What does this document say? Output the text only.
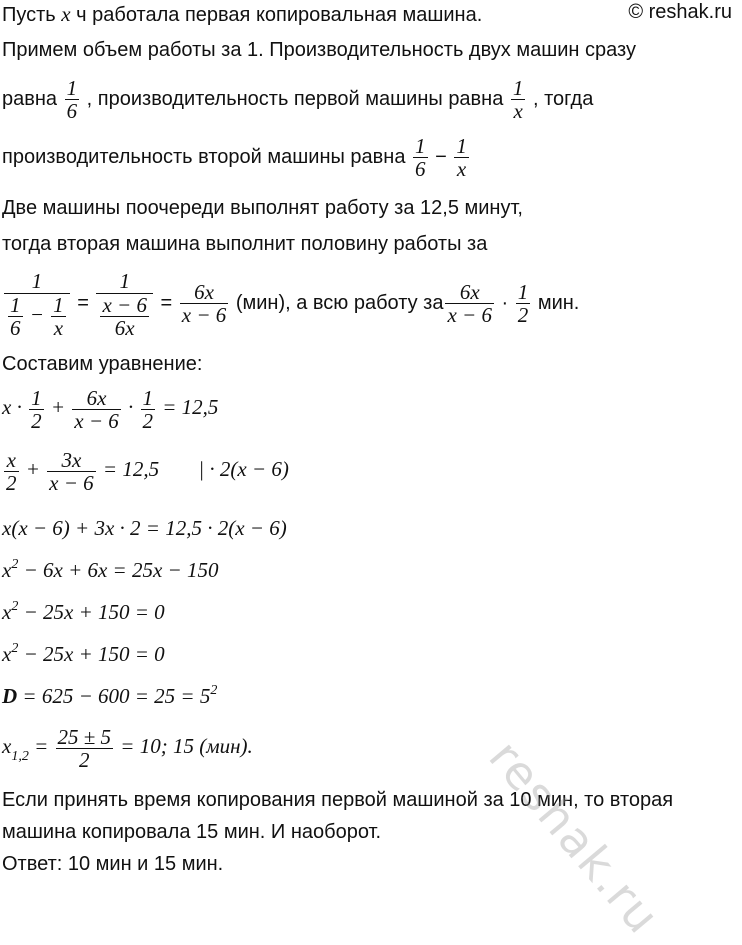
© reshak.ru
Пусть x ч работала первая копировальная машина.
Примем объем работы за 1. Производительность двух машин сразу
равна $\frac{1}{6}$ , производительность первой машины равна $\frac{1}{x}$ , тогда
производительность второй машины равна $\frac{1}{6} - \frac{1}{x}$
Две машины поочереди выполнят работу за 12,5 минут,
тогда вторая машина выполнит половину работы за
$\frac{1}{\frac{1}{6} - \frac{1}{x}} = \frac{1}{\frac{x - 6}{6x}} = \frac{6x}{x - 6} (мин)$, а всю работу за $\frac{6x}{x - 6} \cdot \frac{1}{2}$ мин.
Составим уравнение:
$x \cdot \frac{1}{2} + \frac{6x}{x - 6} \cdot \frac{1}{2} = 12,5$
$\frac{x}{2} + \frac{3x}{x - 6} = 12,5$ | · 2(x − 6)
x(x − 6) + 3x · 2 = 12,5 · 2(x − 6)
$x^2 - 6x + 6x = 25x - 150$
$x^2 - 25x + 150 = 0$
$x^2 - 25x + 150 = 0$
$D = 625 - 600 = 25 = 5^2$
$x_{1,2} = \frac{25 \pm 5}{2} = 10$; 15 (мин).
Если принять время копирования первой машиной за 10 мин, то вторая
машина копировала 15 мин. И наоборот.
Ответ: 10 мин и 15 мин.	reshak.ru
